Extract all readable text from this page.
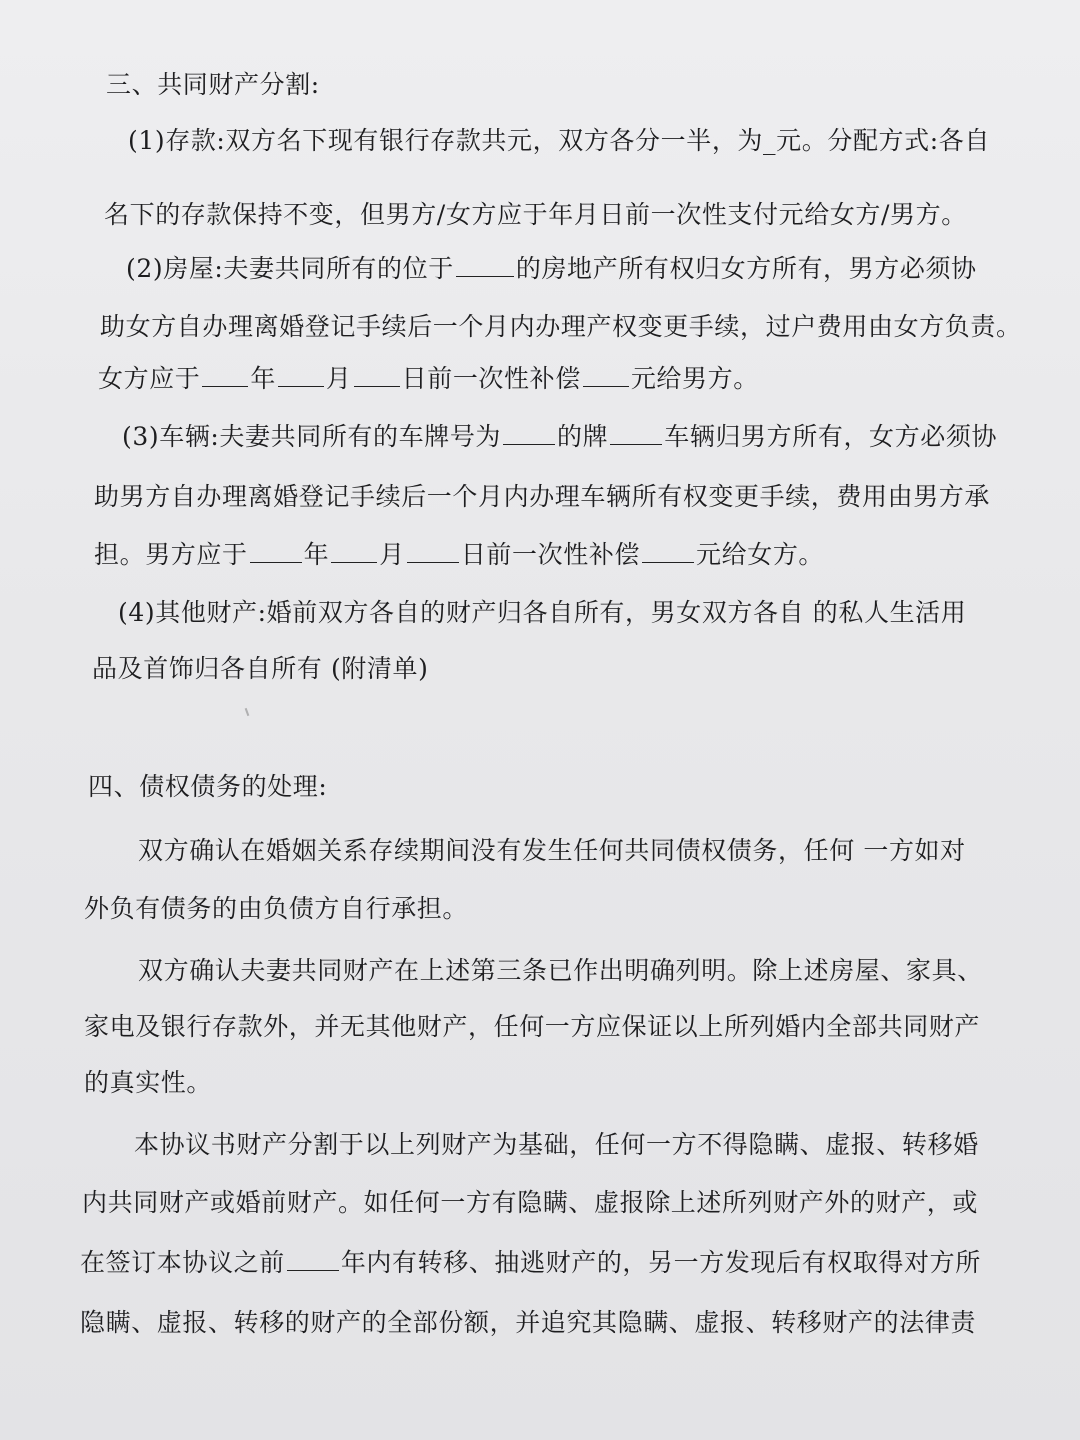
三、共同财产分割:
(1)存款:双方名下现有银行存款共元，双方各分一半，为_元。分配方式:各自
名下的存款保持不变，但男方/女方应于年月日前一次性支付元给女方/男方。
(2)房屋:夫妻共同所有的位于 的房地产所有权归女方所有，男方必须协
助女方自办理离婚登记手续后一个月内办理产权变更手续，过户费用由女方负责。
女方应于 年 月 日前一次性补偿 元给男方。
(3)车辆:夫妻共同所有的车牌号为 的牌 车辆归男方所有，女方必须协
助男方自办理离婚登记手续后一个月内办理车辆所有权变更手续，费用由男方承
担。男方应于 年 月 日前一次性补偿 元给女方。
(4)其他财产:婚前双方各自的财产归各自所有，男女双方各自 的私人生活用
品及首饰归各自所有 (附清单)
四、债权债务的处理:
双方确认在婚姻关系存续期间没有发生任何共同债权债务，任何 一方如对
外负有债务的由负债方自行承担。
双方确认夫妻共同财产在上述第三条已作出明确列明。除上述房屋、家具、
家电及银行存款外，并无其他财产，任何一方应保证以上所列婚内全部共同财产
的真实性。
本协议书财产分割于以上列财产为基础，任何一方不得隐瞒、虚报、转移婚
内共同财产或婚前财产。如任何一方有隐瞒、虚报除上述所列财产外的财产，或
在签订本协议之前 年内有转移、抽逃财产的，另一方发现后有权取得对方所
隐瞒、虚报、转移的财产的全部份额，并追究其隐瞒、虚报、转移财产的法律责
